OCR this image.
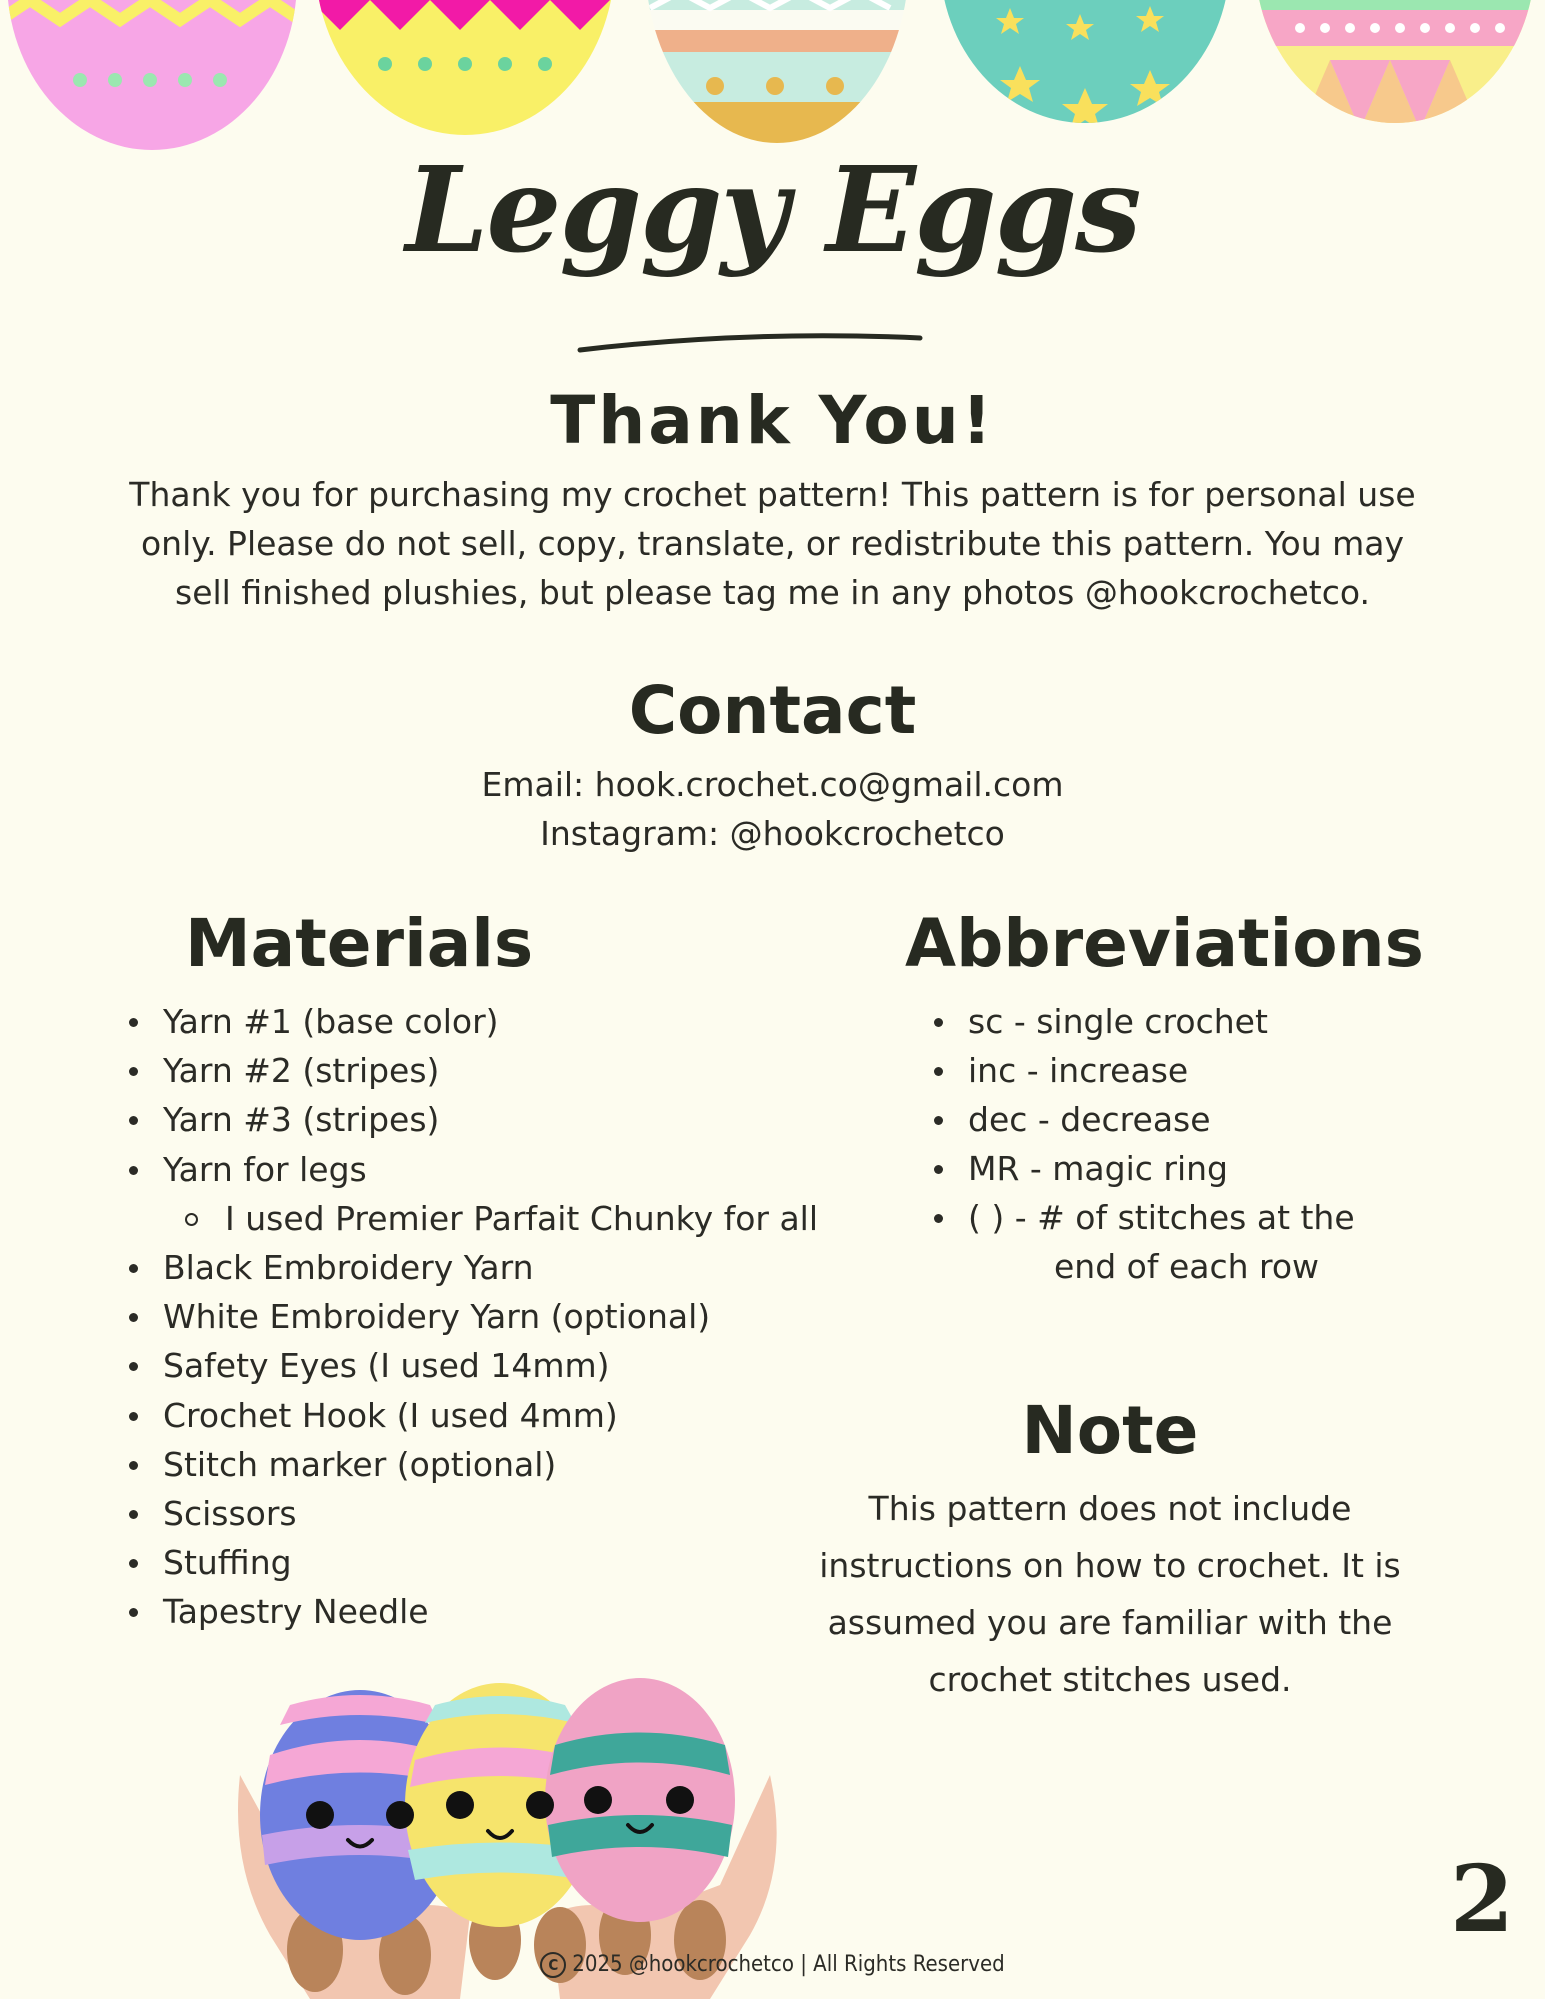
Leggy Eggs
Thank You!
Thank you for purchasing my crochet pattern! This pattern is for personal use
only. Please do not sell, copy, translate, or redistribute this pattern. You may
sell finished plushies, but please tag me in any photos @hookcrochetco.
Contact
Email: hook.crochet.co@gmail.com
Instagram: @hookcrochetco
Materials
Yarn #1 (base color)
Yarn #2 (stripes)
Yarn #3 (stripes)
Yarn for legs
I used Premier Parfait Chunky for all
Black Embroidery Yarn
White Embroidery Yarn (optional)
Safety Eyes (I used 14mm)
Crochet Hook (I used 4mm)
Stitch marker (optional)
Scissors
Stuffing
Tapestry Needle
Abbreviations
sc - single crochet
inc - increase
dec - decrease
MR - magic ring
( ) - # of stitches at the
end of each row
Note
This pattern does not include
instructions on how to crochet. It is
assumed you are familiar with the
crochet stitches used.
2
C 2025 @hookcrochetco | All Rights Reserved
